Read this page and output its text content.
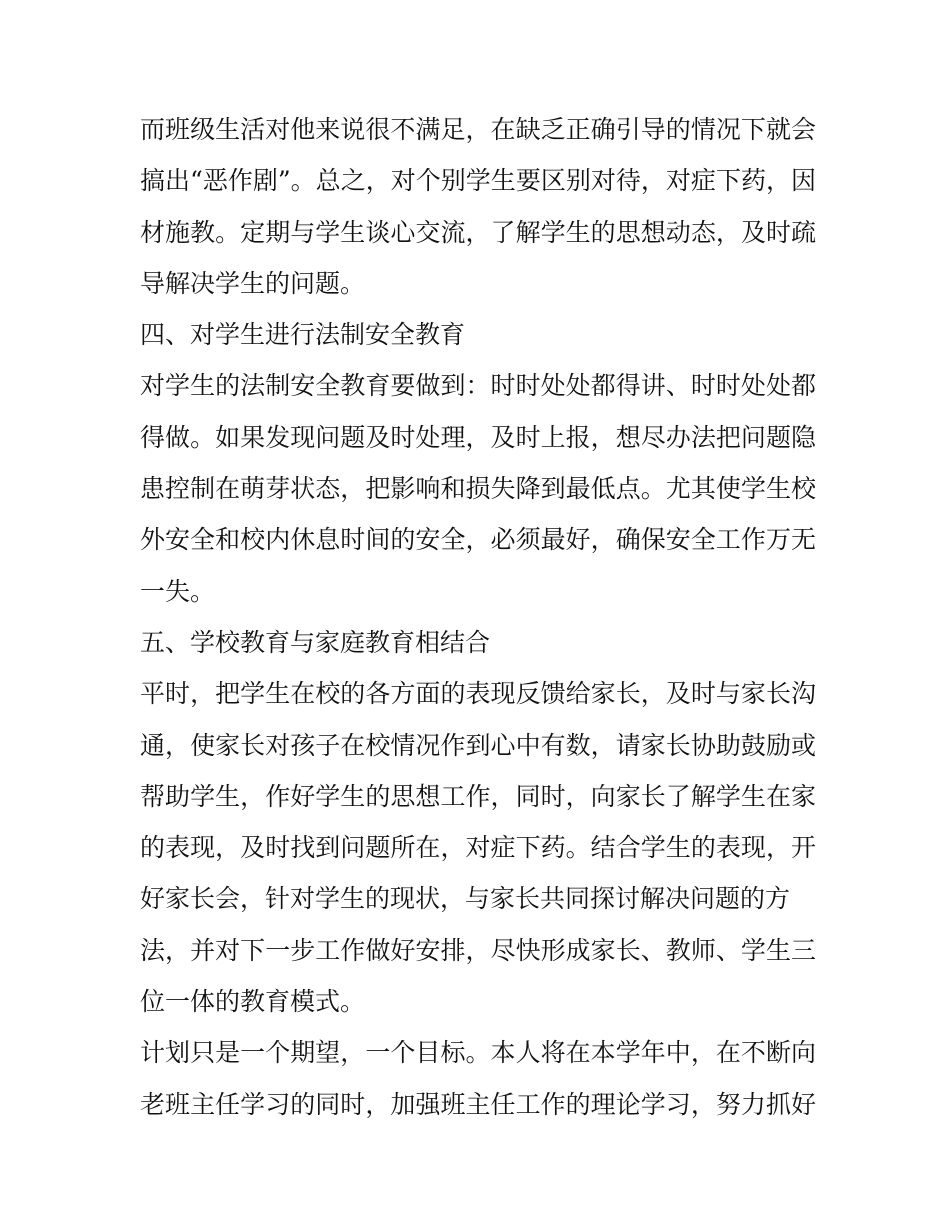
而班级生活对他来说很不满足，在缺乏正确引导的情况下就会
搞出“恶作剧”。总之，对个别学生要区别对待，对症下药，因
材施教。定期与学生谈心交流，了解学生的思想动态，及时疏
导解决学生的问题。
四、对学生进行法制安全教育
对学生的法制安全教育要做到：时时处处都得讲、时时处处都
得做。如果发现问题及时处理，及时上报，想尽办法把问题隐
患控制在萌芽状态，把影响和损失降到最低点。尤其使学生校
外安全和校内休息时间的安全，必须最好，确保安全工作万无
一失。
五、学校教育与家庭教育相结合
平时，把学生在校的各方面的表现反馈给家长，及时与家长沟
通，使家长对孩子在校情况作到心中有数，请家长协助鼓励或
帮助学生，作好学生的思想工作，同时，向家长了解学生在家
的表现，及时找到问题所在，对症下药。结合学生的表现，开
好家长会，针对学生的现状，与家长共同探讨解决问题的方
法，并对下一步工作做好安排，尽快形成家长、教师、学生三
位一体的教育模式。
计划只是一个期望，一个目标。本人将在本学年中，在不断向
老班主任学习的同时，加强班主任工作的理论学习，努力抓好
